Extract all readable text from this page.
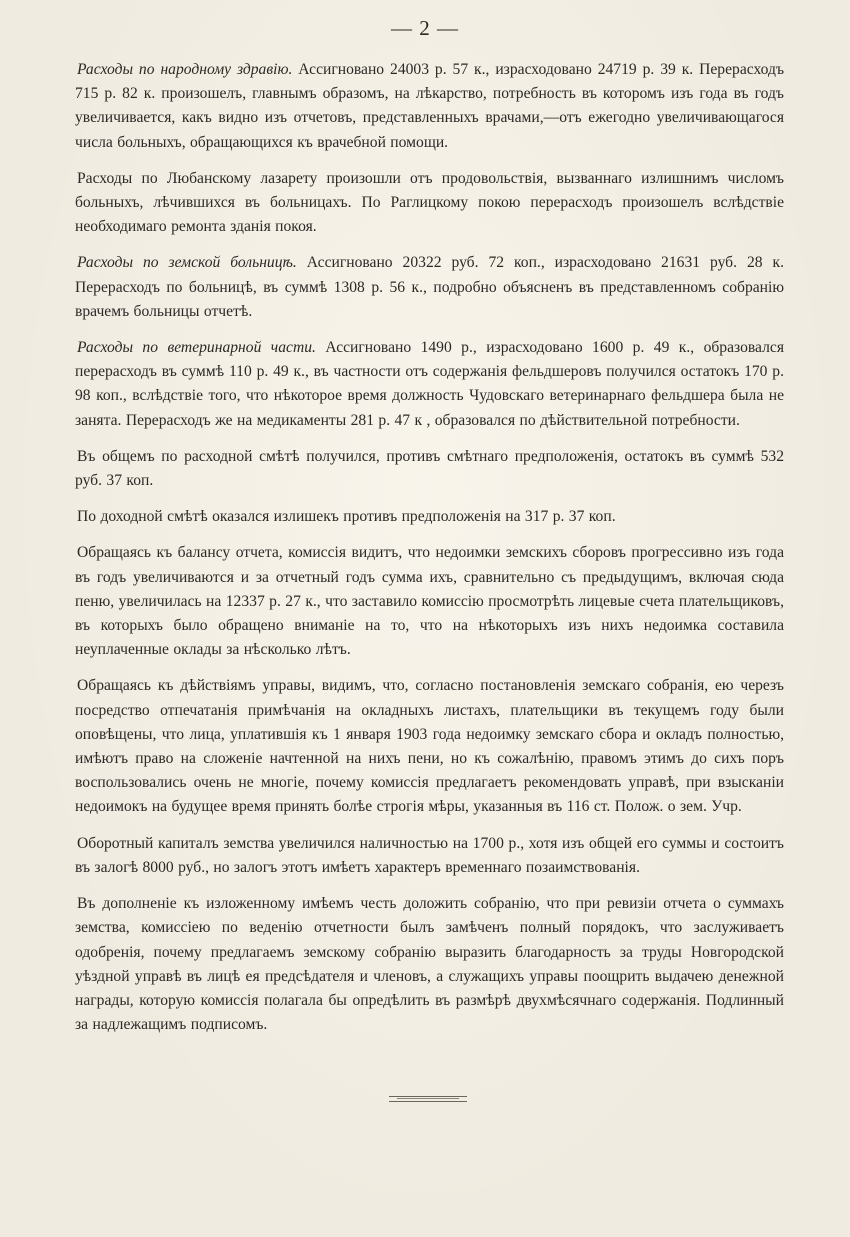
— 2 —

Расходы по народному здравію. Ассигновано 24003 р. 57 к., израсходовано 24719 р. 39 к. Перерасходъ 715 р. 82 к. произошелъ, главнымъ образомъ, на лѣкарство, потребность въ которомъ изъ года въ годъ увеличивается, какъ видно изъ отчетовъ, представленныхъ врачами,—отъ ежегодно увеличивающагося числа больныхъ, обращающихся къ врачебной помощи.

Расходы по Любанскому лазарету произошли отъ продовольствія, вызваннаго излишнимъ числомъ больныхъ, лѣчившихся въ больницахъ. По Раглицкому покою перерасходъ произошелъ вслѣдствіе необходимаго ремонта зданія покоя.

Расходы по земской больницѣ. Ассигновано 20322 руб. 72 коп., израсходовано 21631 руб. 28 к. Перерасходъ по больницѣ, въ суммѣ 1308 р. 56 к., подробно объясненъ въ представленномъ собранію врачемъ больницы отчетѣ.

Расходы по ветеринарной части. Ассигновано 1490 р., израсходовано 1600 р. 49 к., образовался перерасходъ въ суммѣ 110 р. 49 к., въ частности отъ содержанія фельдшеровъ получился остатокъ 170 р. 98 коп., вслѣдствіе того, что нѣкоторое время должность Чудовскаго ветеринарнаго фельдшера была не занята. Перерасходъ же на медикаменты 281 р. 47 к , образовался по дѣйствительной потребности.

Въ общемъ по расходной смѣтѣ получился, противъ смѣтнаго предположенія, остатокъ въ суммѣ 532 руб. 37 коп.

По доходной смѣтѣ оказался излишекъ противъ предположенія на 317 р. 37 коп.

Обращаясь къ балансу отчета, комиссія видитъ, что недоимки земскихъ сборовъ прогрессивно изъ года въ годъ увеличиваются и за отчетный годъ сумма ихъ, сравнительно съ предыдущимъ, включая сюда пеню, увеличилась на 12337 р. 27 к., что заставило комиссію просмотрѣть лицевые счета плательщиковъ, въ которыхъ было обращено вниманіе на то, что на нѣкоторыхъ изъ нихъ недоимка составила неуплаченные оклады за нѣсколько лѣтъ.

Обращаясь къ дѣйствіямъ управы, видимъ, что, согласно постановленія земскаго собранія, ею черезъ посредство отпечатанія примѣчанія на окладныхъ листахъ, плательщики въ текущемъ году были оповѣщены, что лица, уплатившія къ 1 января 1903 года недоимку земскаго сбора и окладъ полностью, имѣютъ право на сложеніе начтенной на нихъ пени, но къ сожалѣнію, правомъ этимъ до сихъ поръ воспользовались очень не многіе, почему комиссія предлагаетъ рекомендовать управѣ, при взысканіи недоимокъ на будущее время принять болѣе строгія мѣры, указанныя въ 116 ст. Полож. о зем. Учр.

Оборотный капиталъ земства увеличился наличностью на 1700 р., хотя изъ общей его суммы и состоитъ въ залогѣ 8000 руб., но залогъ этотъ имѣетъ характеръ временнаго позаимствованія.

Въ дополненіе къ изложенному имѣемъ честь доложить собранію, что при ревизіи отчета о суммахъ земства, комиссіею по веденію отчетности былъ замѣченъ полный порядокъ, что заслуживаетъ одобренія, почему предлагаемъ земскому собранію выразить благодарность за труды Новгородской уѣздной управѣ въ лицѣ ея предсѣдателя и членовъ, а служащихъ управы поощрить выдачею денежной награды, которую комиссія полагала бы опредѣлить въ размѣрѣ двухмѣсячнаго содержанія. Подлинный за надлежащимъ подписомъ.
